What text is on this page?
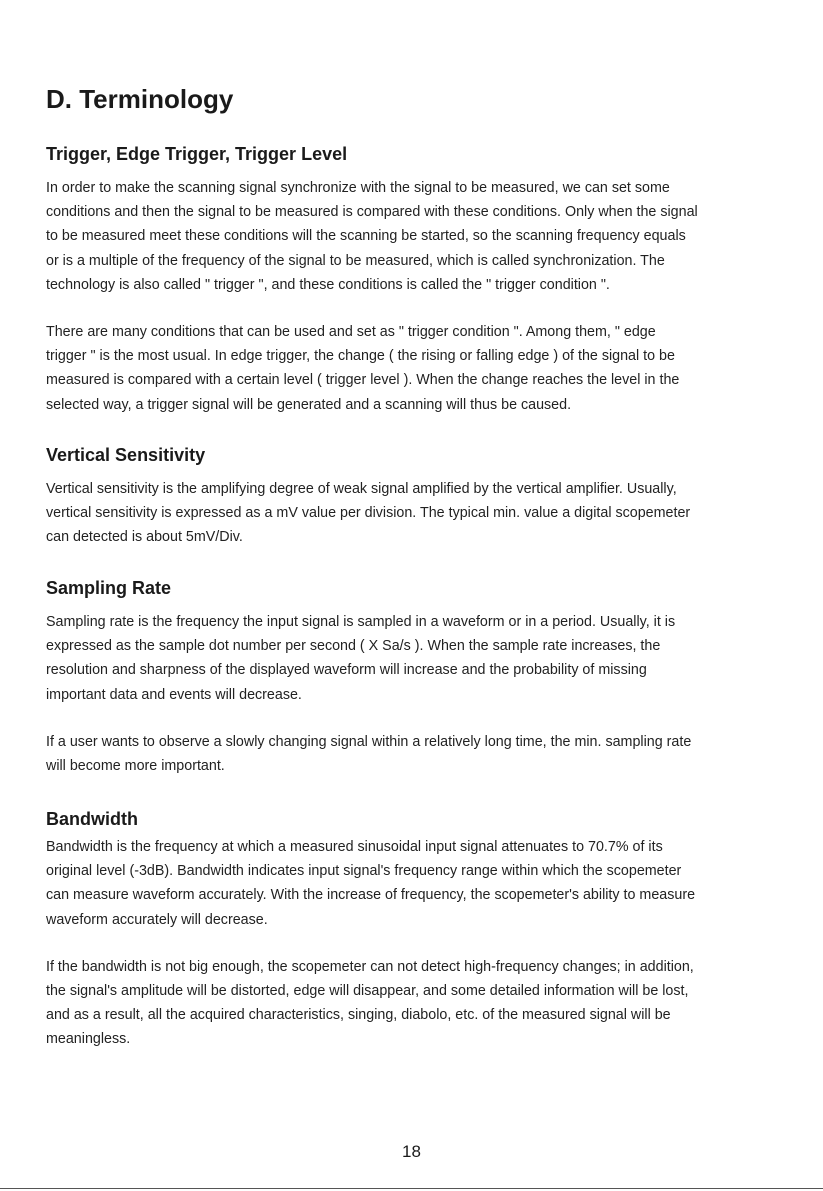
D. Terminology
Trigger, Edge Trigger, Trigger Level

In order to make the scanning signal synchronize with the signal to be measured, we can set some
conditions and then the signal to be measured is compared with these conditions. Only when the signal
to be measured meet these conditions will the scanning be started, so the scanning frequency equals
or is a multiple of the frequency of the signal to be measured, which is called synchronization. The
technology is also called " trigger ", and these conditions is called the " trigger condition ".

There are many conditions that can be used and set as " trigger condition ". Among them, " edge
trigger " is the most usual. In edge trigger, the change ( the rising or falling edge ) of the signal to be
measured is compared with a certain level ( trigger level ). When the change reaches the level in the
selected way, a trigger signal will be generated and a scanning will thus be caused.

Vertical Sensitivity

Vertical sensitivity is the amplifying degree of weak signal amplified by the vertical amplifier. Usually,
vertical sensitivity is expressed as a mV value per division. The typical min. value a digital scopemeter
can detected is about 5mV/Div.

Sampling Rate

Sampling rate is the frequency the input signal is sampled in a waveform or in a period. Usually, it is
expressed as the sample dot number per second ( X Sa/s ). When the sample rate increases, the
resolution and sharpness of the displayed waveform will increase and the probability of missing
important data and events will decrease.

If a user wants to observe a slowly changing signal within a relatively long time, the min. sampling rate
will become more important.

Bandwidth

Bandwidth is the frequency at which a measured sinusoidal input signal attenuates to 70.7% of its
original level (-3dB). Bandwidth indicates input signal's frequency range within which the scopemeter
can measure waveform accurately. With the increase of frequency, the scopemeter's ability to measure
waveform accurately will decrease.

If the bandwidth is not big enough, the scopemeter can not detect high-frequency changes; in addition,
the signal's amplitude will be distorted, edge will disappear, and some detailed information will be lost,
and as a result, all the acquired characteristics, singing, diabolo, etc. of the measured signal will be
meaningless.

18
